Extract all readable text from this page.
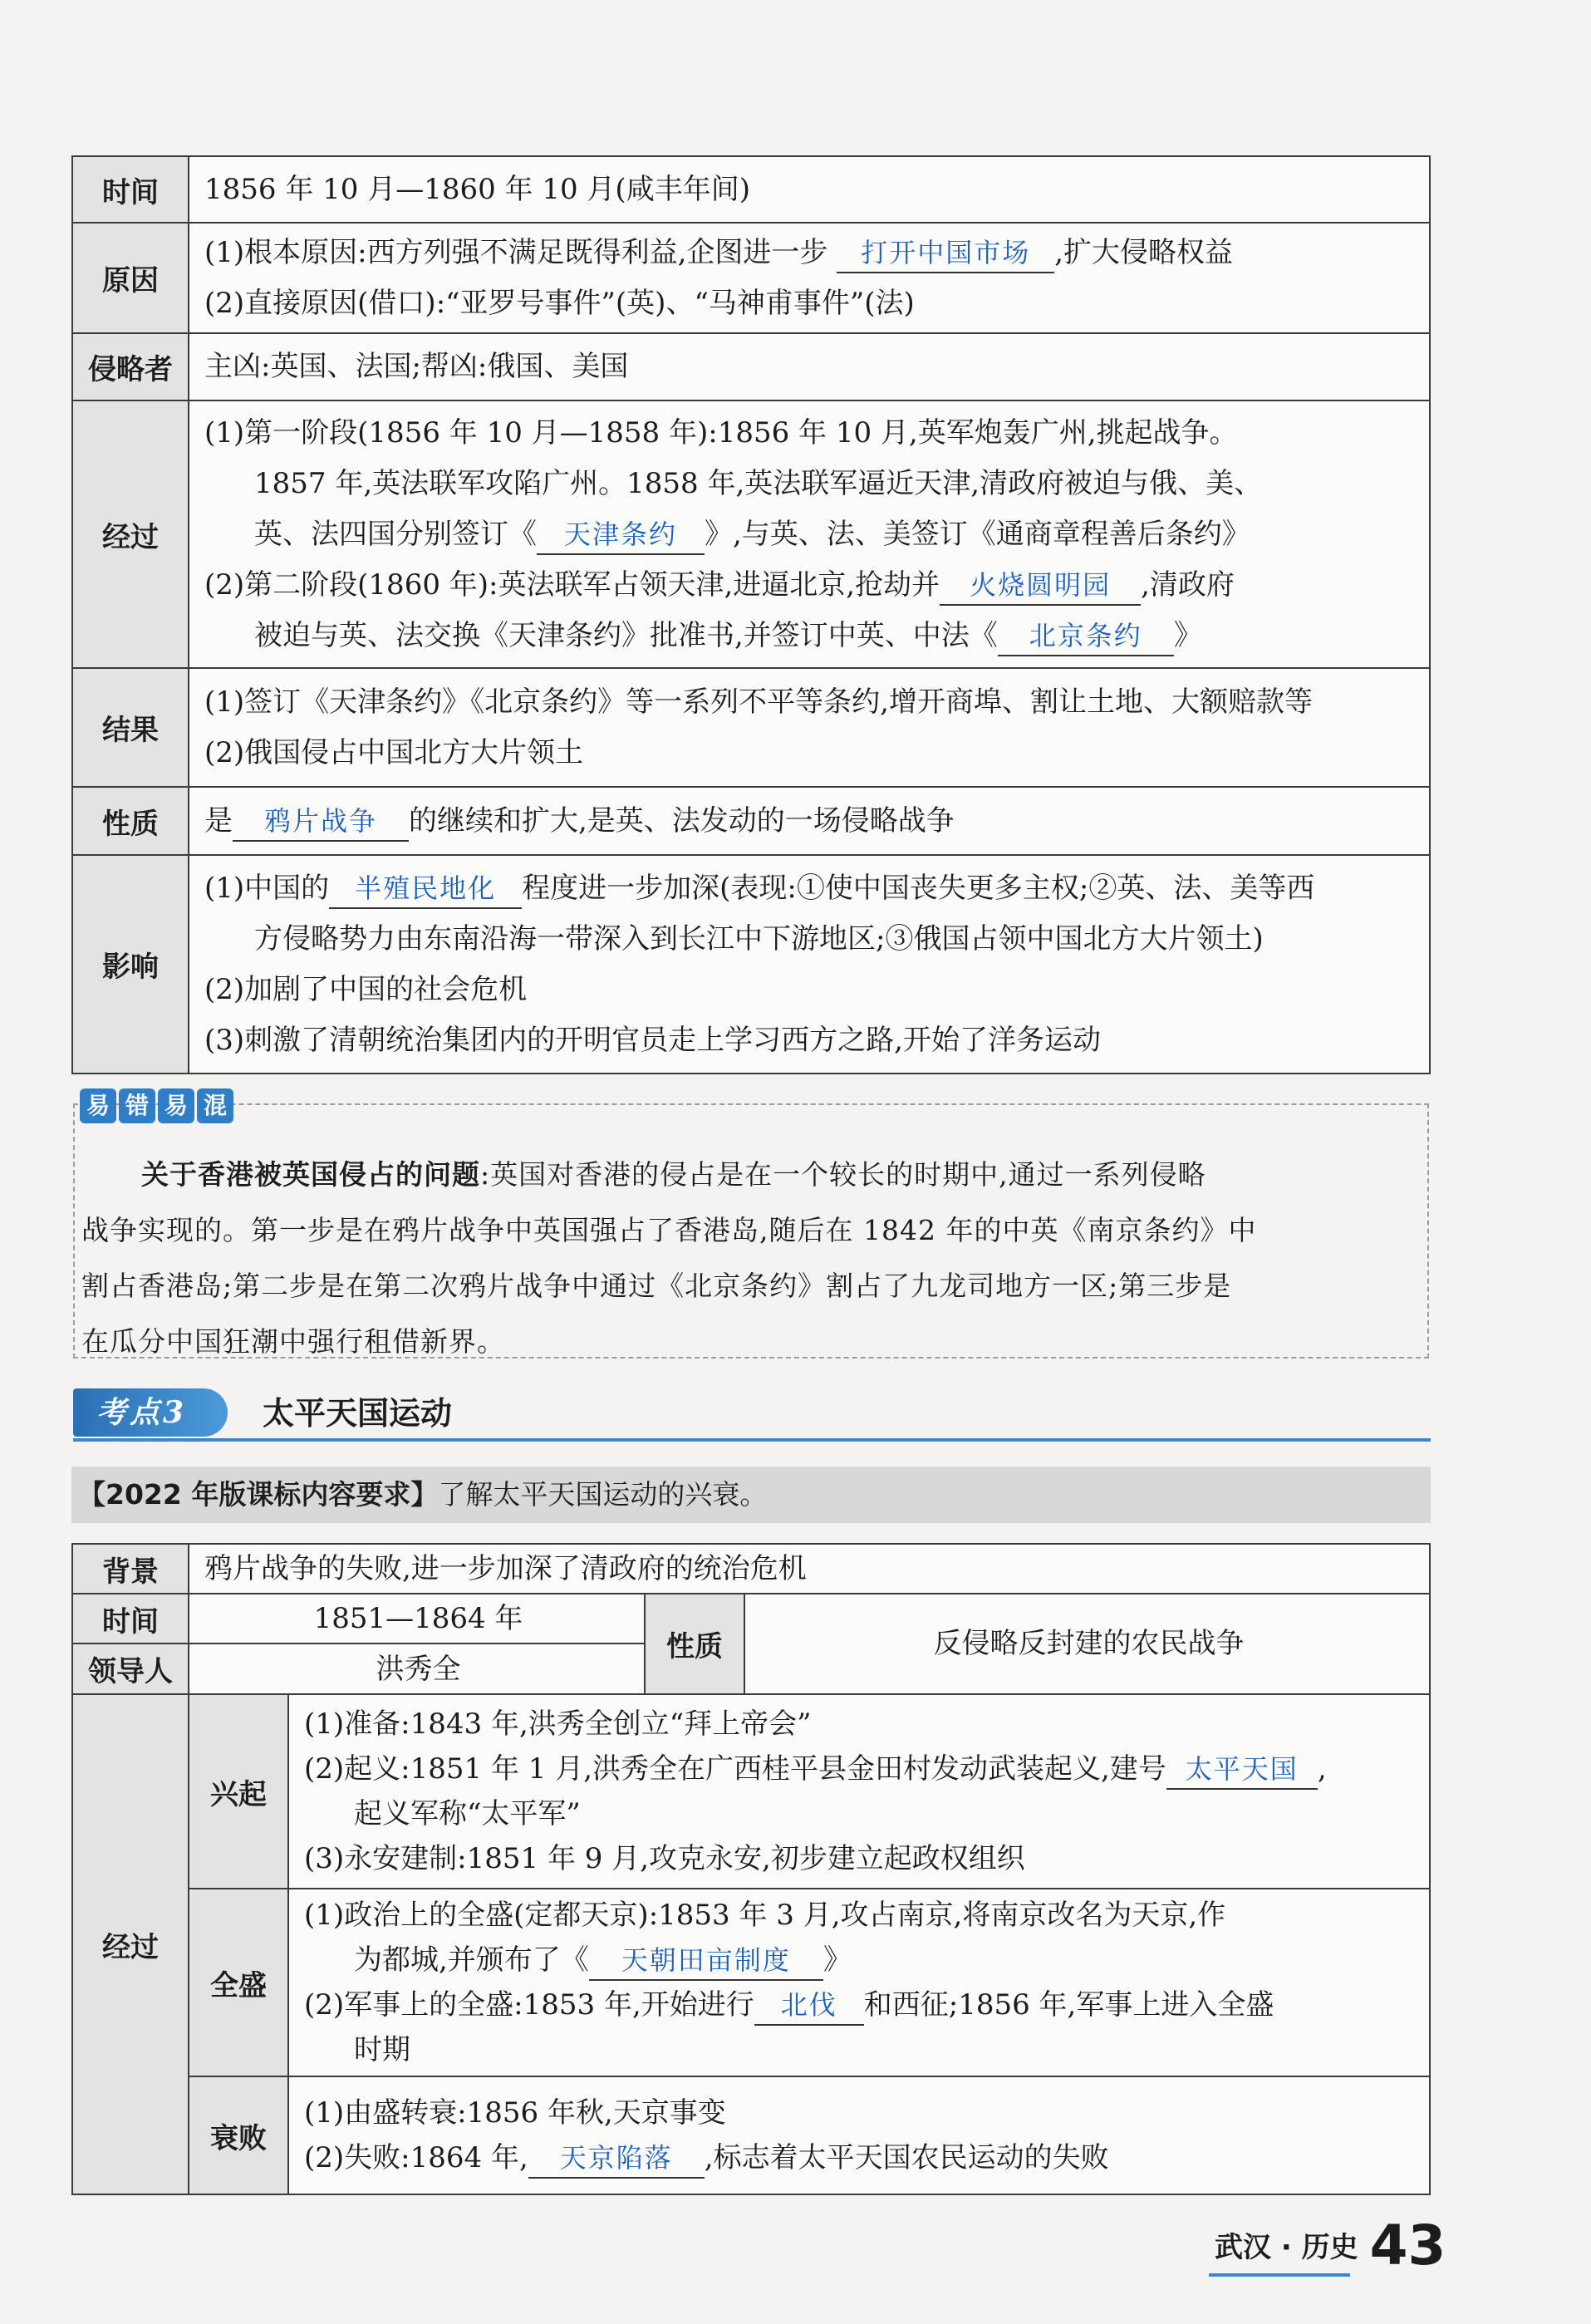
时间	1856 年 10 月—1860 年 10 月(咸丰年间)

原因	(1)根本原因:西方列强不满足既得利益,企图进一步 打开中国市场 ,扩大侵略权益
(2)直接原因(借口):“亚罗号事件”(英)、“马神甫事件”(法)

侵略者	主凶:英国、法国;帮凶:俄国、美国

经过	(1)第一阶段(1856 年 10 月—1858 年):1856 年 10 月,英军炮轰广州,挑起战争。
1857 年,英法联军攻陷广州。1858 年,英法联军逼近天津,清政府被迫与俄、美、
英、法四国分别签订《 天津条约 》,与英、法、美签订《通商章程善后条约》
(2)第二阶段(1860 年):英法联军占领天津,进逼北京,抢劫并 火烧圆明园 ,清政府
被迫与英、法交换《天津条约》批准书,并签订中英、中法《 北京条约 》

结果	(1)签订《天津条约》《北京条约》等一系列不平等条约,增开商埠、割让土地、大额赔款等
(2)俄国侵占中国北方大片领土

性质	是 鸦片战争 的继续和扩大,是英、法发动的一场侵略战争

影响	(1)中国的 半殖民地化 程度进一步加深(表现:①使中国丧失更多主权;②英、法、美等西
方侵略势力由东南沿海一带深入到长江中下游地区;③俄国占领中国北方大片领土)
(2)加剧了中国的社会危机
(3)刺激了清朝统治集团内的开明官员走上学习西方之路,开始了洋务运动
易 错 易 混
关于香港被英国侵占的问题:英国对香港的侵占是在一个较长的时期中,通过一系列侵略
战争实现的。第一步是在鸦片战争中英国强占了香港岛,随后在 1842 年的中英《南京条约》中
割占香港岛;第二步是在第二次鸦片战争中通过《北京条约》割占了九龙司地方一区;第三步是
在瓜分中国狂潮中强行租借新界。
考点3	太平天国运动
【2022 年版课标内容要求】了解太平天国运动的兴衰。
背景	鸦片战争的失败,进一步加深了清政府的统治危机			

时间	1851—1864 年		性质	反侵略反封建的农民战争
领导人	洪秀全			
经过	兴起	(1)准备:1843 年,洪秀全创立“拜上帝会”
(2)起义:1851 年 1 月,洪秀全在广西桂平县金田村发动武装起义,建号 太平天国 ,
起义军称“太平军”
(3)永安建制:1851 年 9 月,攻克永安,初步建立起政权组织		

	全盛	(1)政治上的全盛(定都天京):1853 年 3 月,攻占南京,将南京改名为天京,作
为都城,并颁布了《 天朝田亩制度 》
(2)军事上的全盛:1853 年,开始进行 北伐 和西征;1856 年,军事上进入全盛
时期		

	衰败	(1)由盛转衰:1856 年秋,天京事变
(2)失败:1864 年, 天京陷落 ,标志着太平天国农民运动的失败		
武汉 · 历史 43
